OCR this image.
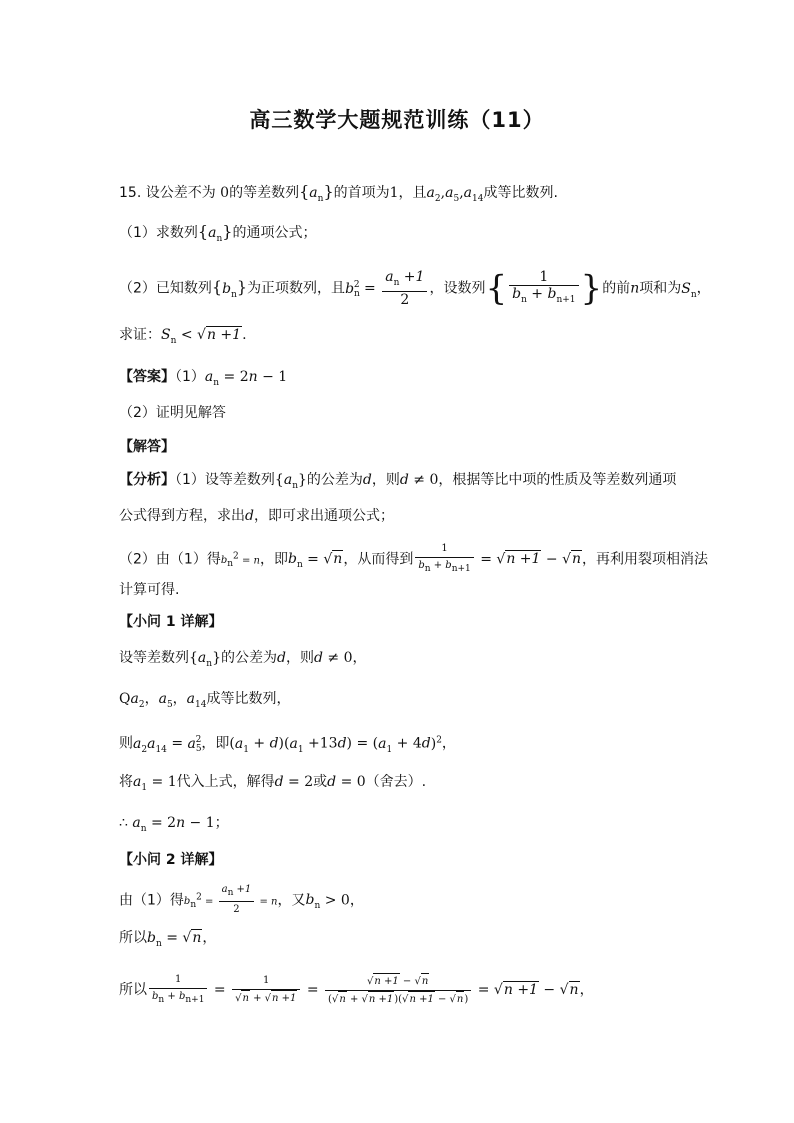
高三数学大题规范训练（11）
15. 设公差不为 0的等差数列$\{a_n\}$的首项为1，且$a_2,a_5,a_{14}$成等比数列.
（1）求数列$\{a_n\}$的通项公式；
（2）已知数列$\{b_n\}$为正项数列，且$b_n^2 = \frac{a_n +1}{2}$ ，设数列{ $\frac{1}{b_n + b_{n+1}}$ }的前n项和为$S_n$，
求证：$S_n < √n +1$.
【答案】$(1)a_n = 2n - 1$
（2）证明见解答
【解答】
【分析】（1）设等差数列$\{a_n\}$的公差为d，则d ≠ 0，根据等比中项的性质及等差数列通项
公式得到方程，求出d，即可求出通项公式；
（2）由（1）得$b_n^2 = n$，即$b_n = √n$，从而得到 $\frac{1}{b_n + b_{n+1}} = √n +1 - √n$，再利用裂项相消法
计算可得.
【小问 1 详解】
设等差数列$\{a_n\}$的公差为d，则d ≠ 0，
$Qa_2$，$a_5$，$a_{14}$成等比数列，
则$a_2a_{14} = a_5^2$，即$(a_1 + d)(a_1 +13d) = (a_1 + 4d)^2$，
将$a_1 = 1$代入上式，解得d = 2或d = 0（舍去）.
∴ $a_n = 2n - 1$；
【小问 2 详解】
由（1）得$b_n^2 = \frac{a_n +1}{2} = n$，又$b_n > 0$，
所以$b_n = √n$，
所以 $\frac{1}{b_n + b_{n+1}} = \frac{1}{√n + √n +1} = \frac{√n +1 - √n}{(√n + √n +1)(√n +1 - √n)} = √n +1 - √n$，
